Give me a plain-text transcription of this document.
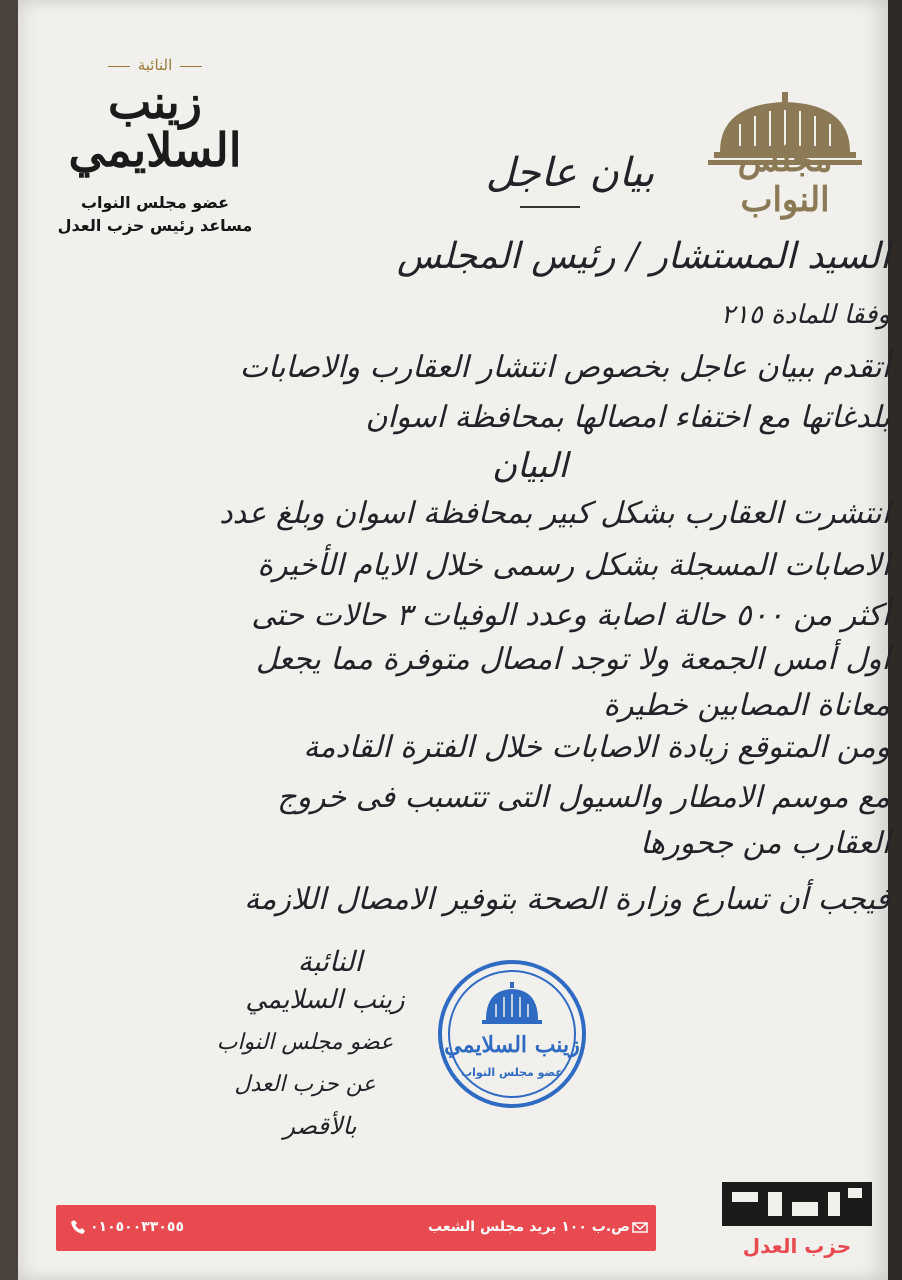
مجلس النواب
النائبة
زينب السلايمي
عضو مجلس النواب
مساعد رئيس حزب العدل
بيان عاجل
السيد المستشار / رئيس المجلس
وفقا للمادة ٢١٥
أتقدم ببيان عاجل بخصوص انتشار العقارب والاصابات
بلدغاتها مع اختفاء امصالها بمحافظة اسوان
البيان
انتشرت العقارب بشكل كبير بمحافظة اسوان وبلغ عدد
الاصابات المسجلة بشكل رسمى خلال الايام الأخيرة
أكثر من ٥٠٠ حالة اصابة وعدد الوفيات ٣ حالات حتى
اول أمس الجمعة ولا توجد امصال متوفرة مما يجعل
معاناة المصابين خطيرة
ومن المتوقع زيادة الاصابات خلال الفترة القادمة
مع موسم الامطار والسيول التى تتسبب فى خروج
العقارب من جحورها
فيجب أن تسارع وزارة الصحة بتوفير الامصال اللازمة
النائبة
زينب السلايمي
عضو مجلس النواب
عن حزب العدل
بالأقصر
زينب السلايمي
عضو مجلس النواب
ص.ب ١٠٠ بريد مجلس الشعب
٠١٠٥٠٠٣٣٠٥٥
حزب العدل
